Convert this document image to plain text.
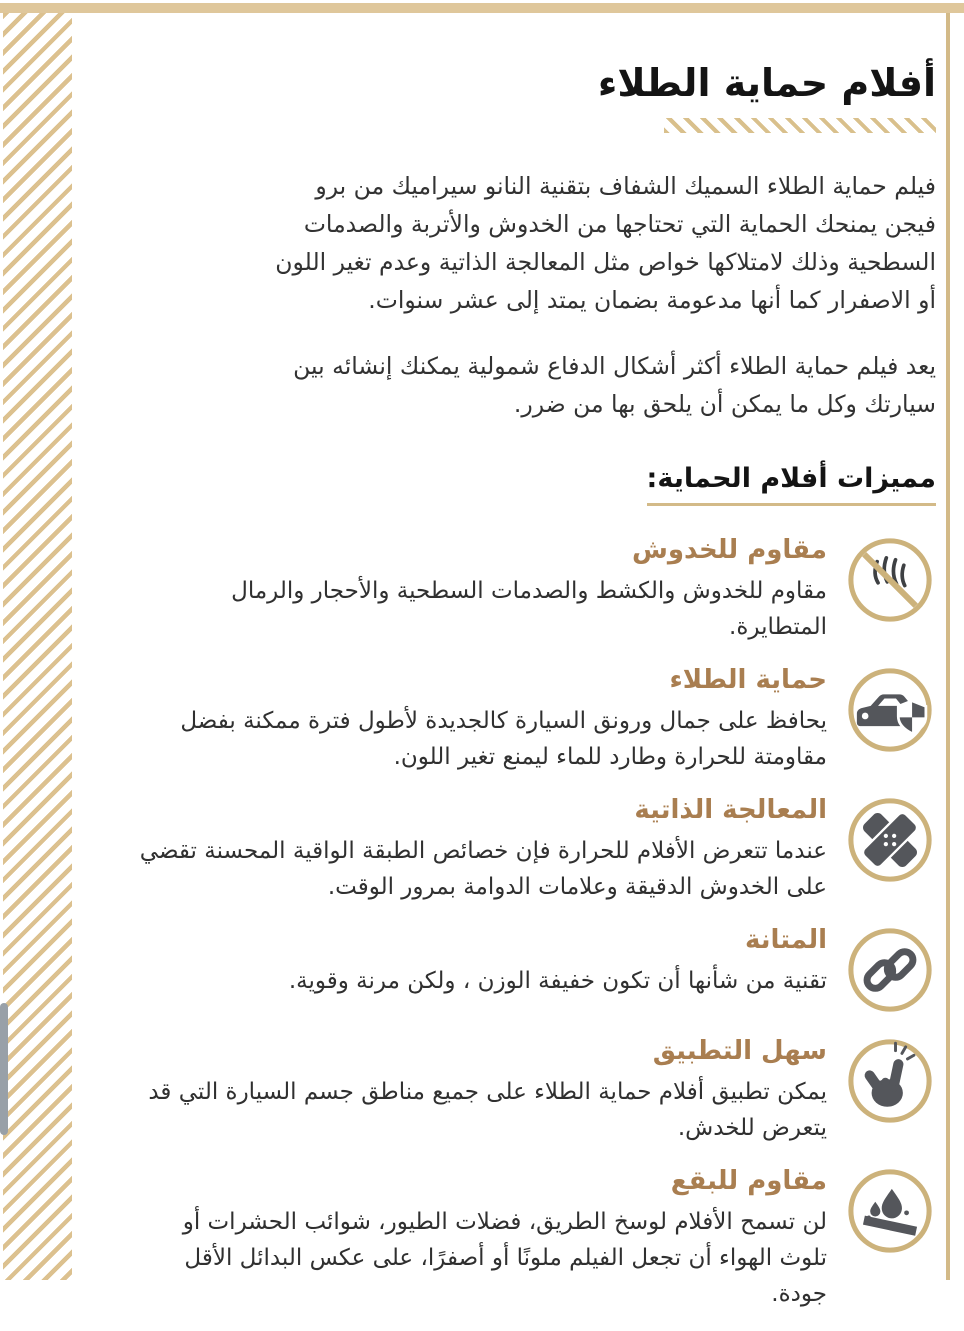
أفلام حماية الطلاء

فيلم حماية الطلاء السميك الشفاف بتقنية النانو سيراميك من برو فيجن يمنحك الحماية التي تحتاجها من الخدوش والأتربة والصدمات السطحية وذلك لامتلاكها خواص مثل المعالجة الذاتية وعدم تغير اللون أو الاصفرار كما أنها مدعومة بضمان يمتد إلى عشر سنوات.

يعد فيلم حماية الطلاء أكثر أشكال الدفاع شمولية يمكنك إنشائه بين سيارتك وكل ما يمكن أن يلحق بها من ضرر.

مميزات أفلام الحماية:
مقاوم للخدوش
مقاوم للخدوش والكشط والصدمات السطحية والأحجار والرمال المتطايرة.
حماية الطلاء
يحافظ على جمال ورونق السيارة كالجديدة لأطول فترة ممكنة بفضل مقاومتة للحرارة وطارد للماء ليمنع تغير اللون.
المعالجة الذاتية
عندما تتعرض الأفلام للحرارة فإن خصائص الطبقة الواقية المحسنة تقضي على الخدوش الدقيقة وعلامات الدوامة بمرور الوقت.
المتانة
تقنية من شأنها أن تكون خفيفة الوزن ، ولكن مرنة وقوية.
سهل التطبيق
يمكن تطبيق أفلام حماية الطلاء على جميع مناطق جسم السيارة التي قد يتعرض للخدش.
مقاوم للبقع
لن تسمح الأفلام لوسخ الطريق، فضلات الطيور، شوائب الحشرات أو تلوث الهواء أن تجعل الفيلم ملونًا أو أصفرًا، على عكس البدائل الأقل جودة.
